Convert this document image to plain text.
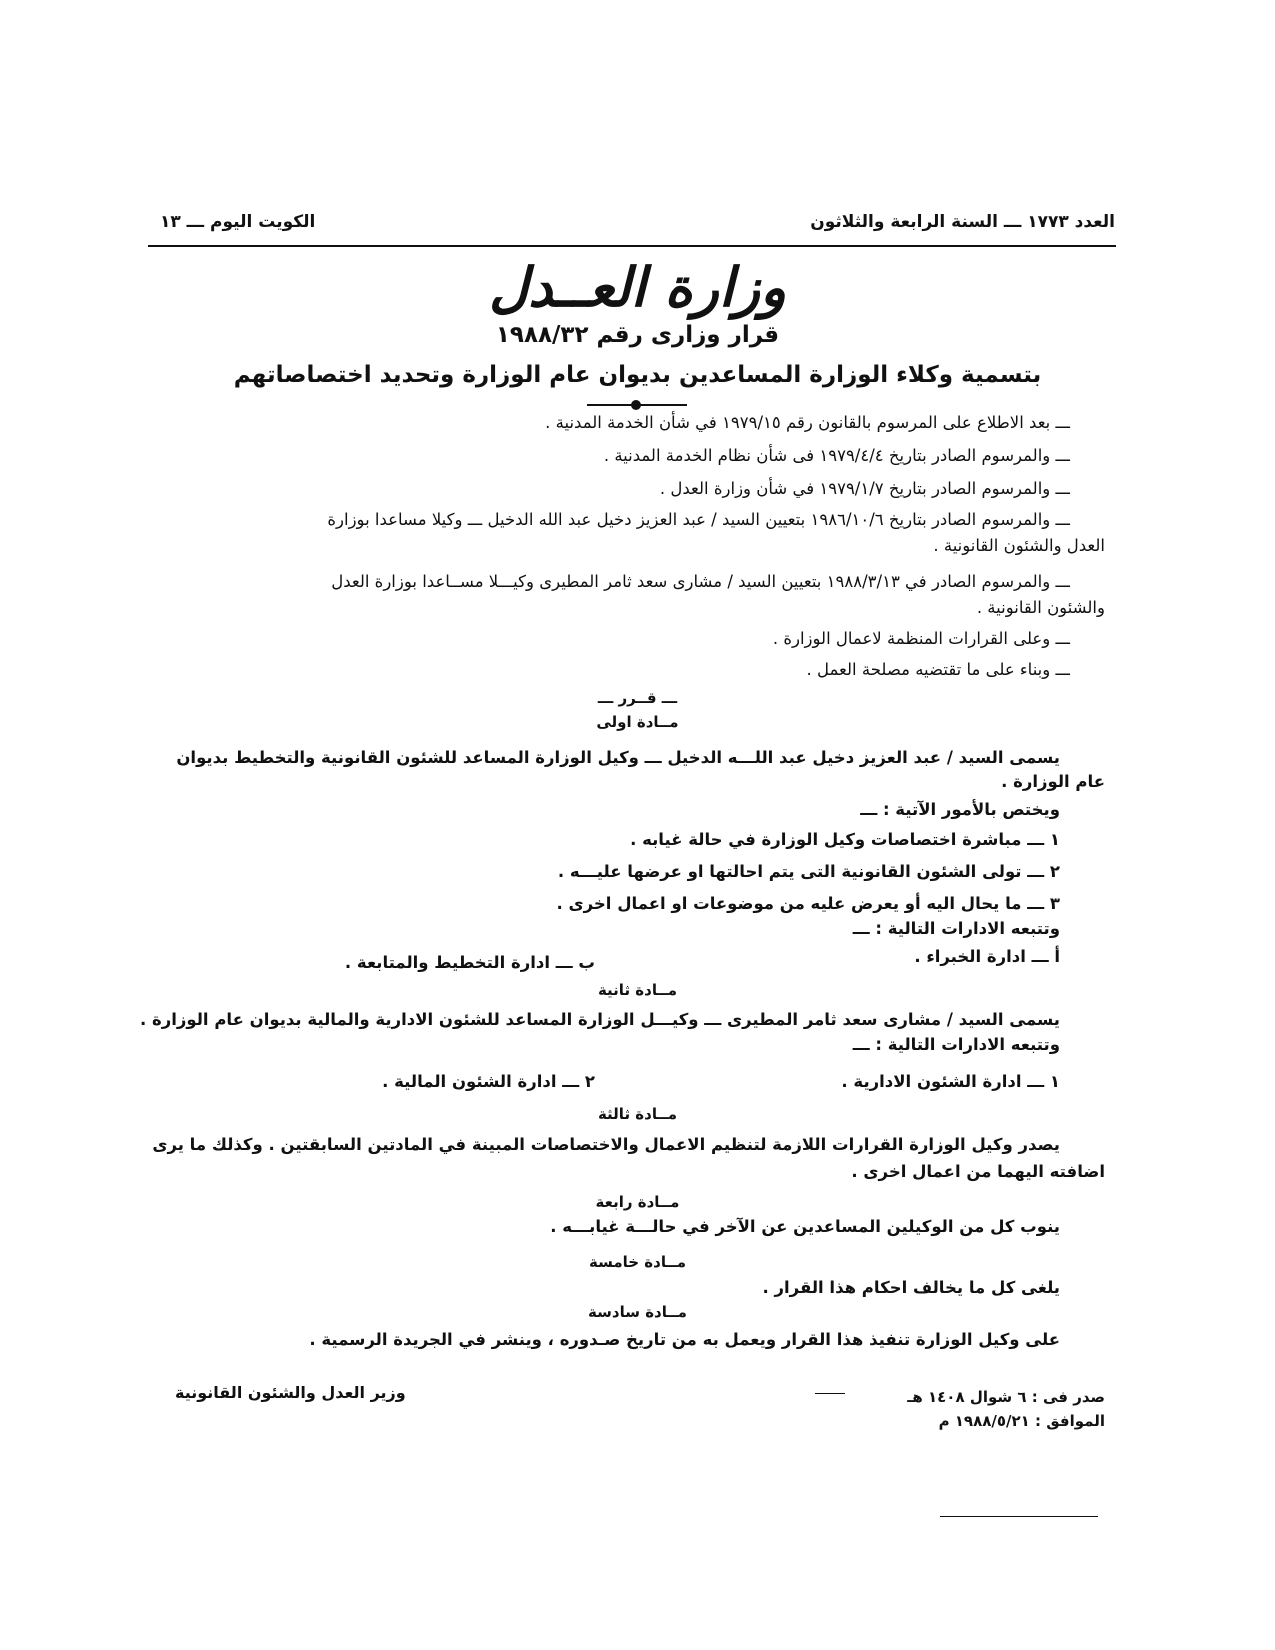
العدد ١٧٧٣ ـــ السنة الرابعة والثلاثون
الكويت اليوم ـــ ١٣
وزارة العــدل
قرار وزارى رقم ١٩٨٨/٣٢
بتسمية وكلاء الوزارة المساعدين بديوان عام الوزارة وتحديد اختصاصاتهم
ـــ بعد الاطلاع على المرسوم بالقانون رقم ١٩٧٩/١٥ في شأن الخدمة المدنية .
ـــ والمرسوم الصادر بتاريخ ١٩٧٩/٤/٤ فى شأن نظام الخدمة المدنية .
ـــ والمرسوم الصادر بتاريخ ١٩٧٩/١/٧ في شأن وزارة العدل .
ـــ والمرسوم الصادر بتاريخ ١٩٨٦/١٠/٦ بتعيين السيد / عبد العزيز دخيل عبد الله الدخيل ـــ وكيلا مساعدا بوزارة
العدل والشئون القانونية .
ـــ والمرسوم الصادر في ١٩٨٨/٣/١٣ بتعيين السيد / مشارى سعد ثامر المطيرى وكيـــلا مســاعدا بوزارة العدل
والشئون القانونية .
ـــ وعلى القرارات المنظمة لاعمال الوزارة .
ـــ وبناء على ما تقتضيه مصلحة العمل .
ـــ قــرر ـــ
مــادة اولى
يسمى السيد / عبد العزيز دخيل عبد اللـــه الدخيل ـــ وكيل الوزارة المساعد للشئون القانونية والتخطيط بديوان
عام الوزارة .
ويختص بالأمور الآتية : ـــ
١ ـــ مباشرة اختصاصات وكيل الوزارة في حالة غيابه .
٢ ـــ تولى الشئون القانونية التى يتم احالتها او عرضها عليـــه .
٣ ـــ ما يحال اليه أو يعرض عليه من موضوعات او اعمال اخرى .
وتتبعه الادارات التالية : ـــ
أ ـــ ادارة الخبراء .
ب ـــ ادارة التخطيط والمتابعة .
مــادة ثانية
يسمى السيد / مشارى سعد ثامر المطيرى ـــ وكيـــل الوزارة المساعد للشئون الادارية والمالية بديوان عام الوزارة .
وتتبعه الادارات التالية : ـــ
١ ـــ ادارة الشئون الادارية .
٢ ـــ ادارة الشئون المالية .
مــادة ثالثة
يصدر وكيل الوزارة القرارات اللازمة لتنظيم الاعمال والاختصاصات المبينة في المادتين السابقتين . وكذلك ما يرى
اضافته اليهما من اعمال اخرى .
مــادة رابعة
ينوب كل من الوكيلين المساعدين عن الآخر في حالـــة غيابـــه .
مــادة خامسة
يلغى كل ما يخالف احكام هذا القرار .
مــادة سادسة
على وكيل الوزارة تنفيذ هذا القرار ويعمل به من تاريخ صـدوره ، وينشر في الجريدة الرسمية .
وزير العدل والشئون القانونية	صدر فى : ٦ شوال ١٤٠٨ هـ
الموافق : ١٩٨٨/٥/٢١ م
